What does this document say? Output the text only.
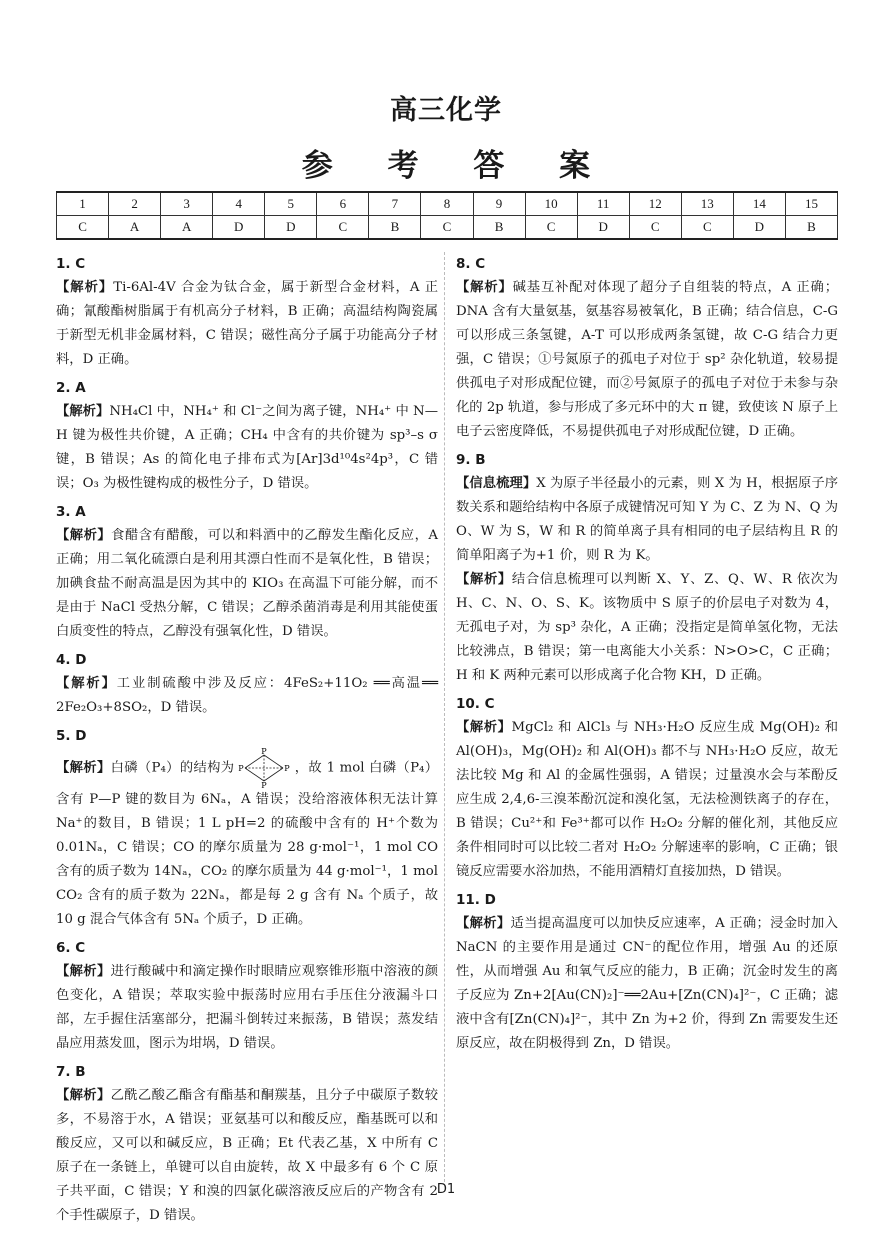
高三化学
参 考 答 案
1	2	3	4	5	6	7	8	9	10	11	12	13	14	15
C	A	A	D	D	C	B	C	B	C	D	C	C	D	B

1. C

【解析】Ti-6Al-4V 合金为钛合金，属于新型合金材料，A 正确；氰酸酯树脂属于有机高分子材料，B 正确；高温结构陶瓷属于新型无机非金属材料，C 错误；磁性高分子属于功能高分子材料，D 正确。

2. A

【解析】NH₄Cl 中，NH₄⁺ 和 Cl⁻之间为离子键，NH₄⁺ 中 N—H 键为极性共价键，A 正确；CH₄ 中含有的共价键为 sp³–s σ 键，B 错误；As 的简化电子排布式为[Ar]3d¹⁰4s²4p³，C 错误；O₃ 为极性键构成的极性分子，D 错误。

3. A

【解析】食醋含有醋酸，可以和料酒中的乙醇发生酯化反应，A 正确；用二氧化硫漂白是利用其漂白性而不是氧化性，B 错误；加碘食盐不耐高温是因为其中的 KIO₃ 在高温下可能分解，而不是由于 NaCl 受热分解，C 错误；乙醇杀菌消毒是利用其能使蛋白质变性的特点，乙醇没有强氧化性，D 错误。

4. D

【解析】工业制硫酸中涉及反应：4FeS₂+11O₂ ══高温══ 2Fe₂O₃+8SO₂，D 错误。

5. D

【解析】白磷（P₄）的结构为
P
P	P
P
，故 1 mol 白磷（P₄）含有 P—P 键的数目为 6Nₐ，A 错误；没给溶液体积无法计算 Na⁺的数目，B 错误；1 L pH=2 的硫酸中含有的 H⁺个数为 0.01Nₐ，C 错误；CO 的摩尔质量为 28 g·mol⁻¹，1 mol CO 含有的质子数为 14Nₐ，CO₂ 的摩尔质量为 44 g·mol⁻¹，1 mol CO₂ 含有的质子数为 22Nₐ，都是每 2 g 含有 Nₐ 个质子，故 10 g 混合气体含有 5Nₐ 个质子，D 正确。

6. C

【解析】进行酸碱中和滴定操作时眼睛应观察锥形瓶中溶液的颜色变化，A 错误；萃取实验中振荡时应用右手压住分液漏斗口部，左手握住活塞部分，把漏斗倒转过来振荡，B 错误；蒸发结晶应用蒸发皿，图示为坩埚，D 错误。

7. B

【解析】乙酰乙酸乙酯含有酯基和酮羰基，且分子中碳原子数较多，不易溶于水，A 错误；亚氨基可以和酸反应，酯基既可以和酸反应，又可以和碱反应，B 正确；Et 代表乙基，X 中所有 C 原子在一条链上，单键可以自由旋转，故 X 中最多有 6 个 C 原子共平面，C 错误；Y 和溴的四氯化碳溶液反应后的产物含有 2 个手性碳原子，D 错误。

8. C

【解析】碱基互补配对体现了超分子自组装的特点，A 正确；DNA 含有大量氨基，氨基容易被氧化，B 正确；结合信息，C-G 可以形成三条氢键，A-T 可以形成两条氢键，故 C-G 结合力更强，C 错误；①号氮原子的孤电子对位于 sp² 杂化轨道，较易提供孤电子对形成配位键，而②号氮原子的孤电子对位于未参与杂化的 2p 轨道，参与形成了多元环中的大 π 键，致使该 N 原子上电子云密度降低，不易提供孤电子对形成配位键，D 正确。

9. B

【信息梳理】X 为原子半径最小的元素，则 X 为 H，根据原子序数关系和题给结构中各原子成键情况可知 Y 为 C、Z 为 N、Q 为 O、W 为 S，W 和 R 的简单离子具有相同的电子层结构且 R 的简单阳离子为+1 价，则 R 为 K。

【解析】结合信息梳理可以判断 X、Y、Z、Q、W、R 依次为 H、C、N、O、S、K。该物质中 S 原子的价层电子对数为 4，无孤电子对，为 sp³ 杂化，A 正确；没指定是简单氢化物，无法比较沸点，B 错误；第一电离能大小关系：N>O>C，C 正确；H 和 K 两种元素可以形成离子化合物 KH，D 正确。

10. C

【解析】MgCl₂ 和 AlCl₃ 与 NH₃·H₂O 反应生成 Mg(OH)₂ 和 Al(OH)₃，Mg(OH)₂ 和 Al(OH)₃ 都不与 NH₃·H₂O 反应，故无法比较 Mg 和 Al 的金属性强弱，A 错误；过量溴水会与苯酚反应生成 2,4,6-三溴苯酚沉淀和溴化氢，无法检测铁离子的存在，B 错误；Cu²⁺和 Fe³⁺都可以作 H₂O₂ 分解的催化剂，其他反应条件相同时可以比较二者对 H₂O₂ 分解速率的影响，C 正确；银镜反应需要水浴加热，不能用酒精灯直接加热，D 错误。

11. D

【解析】适当提高温度可以加快反应速率，A 正确；浸金时加入 NaCN 的主要作用是通过 CN⁻的配位作用，增强 Au 的还原性，从而增强 Au 和氧气反应的能力，B 正确；沉金时发生的离子反应为 Zn+2[Au(CN)₂]⁻══2Au+[Zn(CN)₄]²⁻，C 正确；滤液中含有[Zn(CN)₄]²⁻，其中 Zn 为+2 价，得到 Zn 需要发生还原反应，故在阴极得到 Zn，D 错误。

D1
